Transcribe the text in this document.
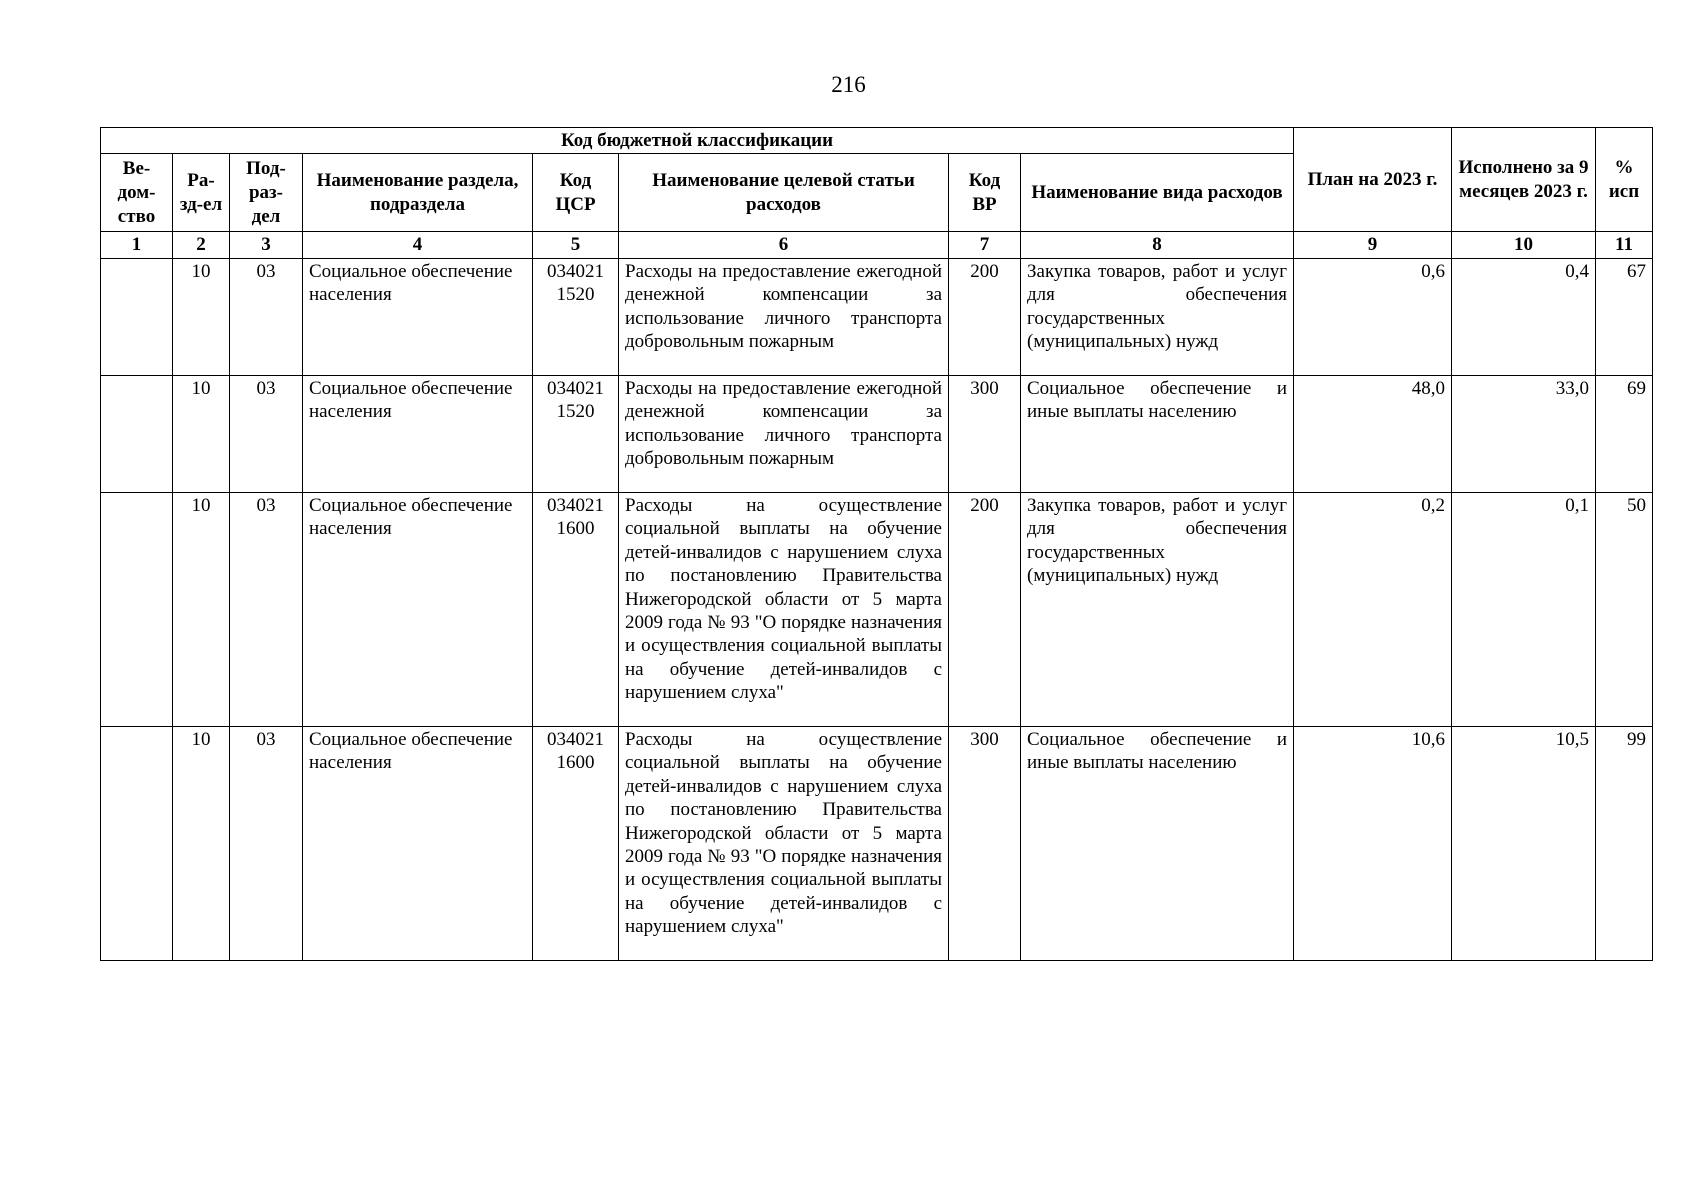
216
Код бюджетной классификации								План на 2023 г.	Исполнено за 9 месяцев 2023 г.	% исп
Ве-дом-ство	Ра-зд-ел	Под-раз-дел	Наименование раздела, подраздела	Код ЦСР	Наименование целевой статьи расходов	Код ВР	Наименование вида расходов			
1	2	3	4	5	6	7	8	9	10	11
	10	03	Социальное обеспечение населения	034021 1520	Расходы на предоставление ежегодной денежной компенсации за использование личного транспорта добровольным пожарным	200	Закупка товаров, работ и услуг для обеспечения государственных (муниципальных) нужд	0,6	0,4	67
	10	03	Социальное обеспечение населения	034021 1520	Расходы на предоставление ежегодной денежной компенсации за использование личного транспорта добровольным пожарным	300	Социальное обеспечение и иные выплаты населению	48,0	33,0	69
	10	03	Социальное обеспечение населения	034021 1600	Расходы на осуществление социальной выплаты на обучение детей-инвалидов с нарушением слуха по постановлению Правительства Нижегородской области от 5 марта 2009 года № 93 "О порядке назначения и осуществления социальной выплаты на обучение детей-инвалидов с нарушением слуха"	200	Закупка товаров, работ и услуг для обеспечения государственных (муниципальных) нужд	0,2	0,1	50
	10	03	Социальное обеспечение населения	034021 1600	Расходы на осуществление социальной выплаты на обучение детей-инвалидов с нарушением слуха по постановлению Правительства Нижегородской области от 5 марта 2009 года № 93 "О порядке назначения и осуществления социальной выплаты на обучение детей-инвалидов с нарушением слуха"	300	Социальное обеспечение и иные выплаты населению	10,6	10,5	99
